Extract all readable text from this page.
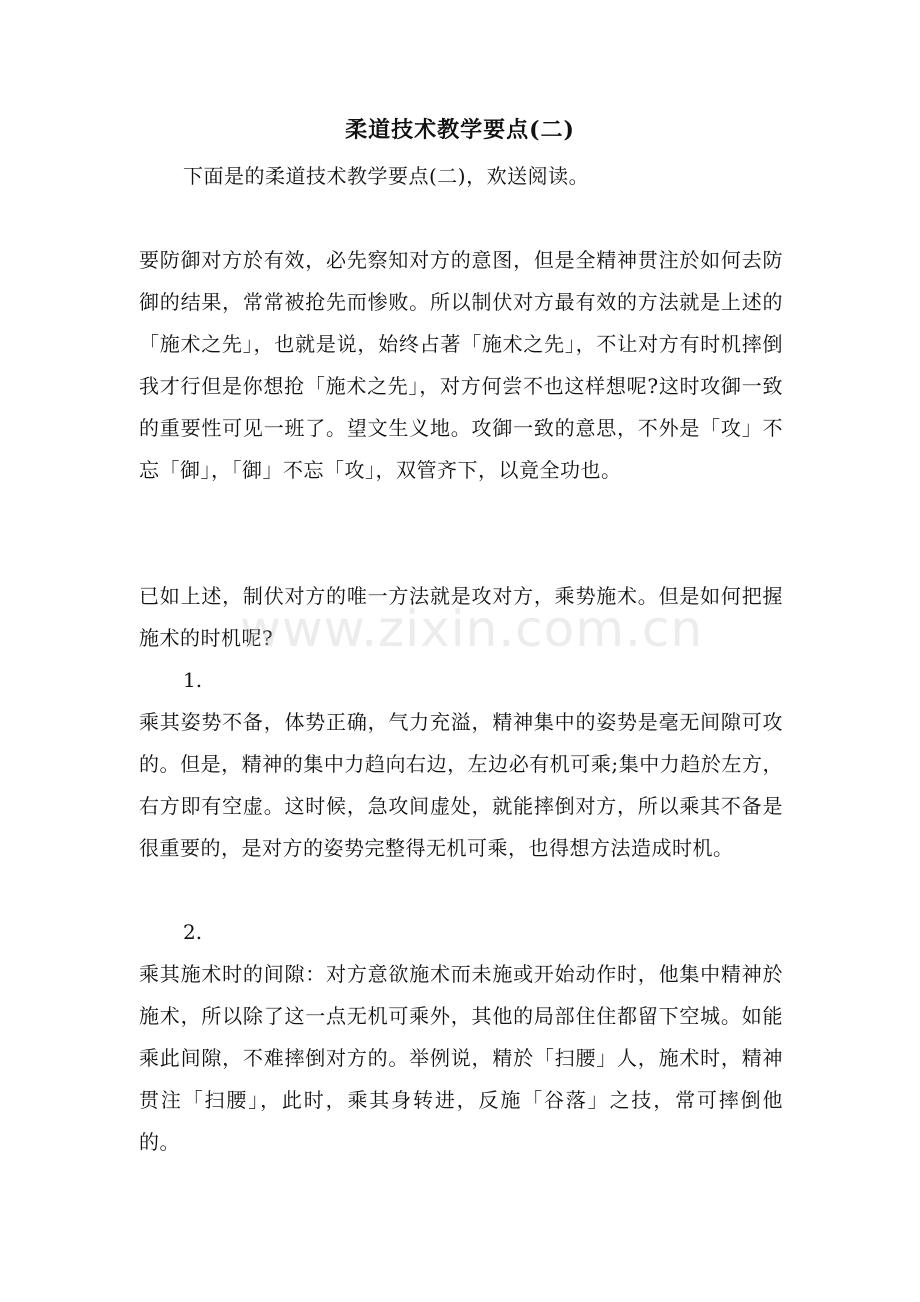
柔道技术教学要点(二)

下面是的柔道技术教学要点(二)，欢送阅读。

要防御对方於有效，必先察知对方的意图，但是全精神贯注於如何去防御的结果，常常被抢先而惨败。所以制伏对方最有效的方法就是上述的「施术之先」，也就是说，始终占著「施术之先」，不让对方有时机摔倒我才行但是你想抢「施术之先」，对方何尝不也这样想呢?这时攻御一致的重要性可见一班了。望文生义地。攻御一致的意思，不外是「攻」不忘「御」，「御」不忘「攻」，双管齐下，以竟全功也。

已如上述，制伏对方的唯一方法就是攻对方，乘势施术。但是如何把握施术的时机呢?

1.

乘其姿势不备，体势正确，气力充溢，精神集中的姿势是毫无间隙可攻的。但是，精神的集中力趋向右边，左边必有机可乘;集中力趋於左方，右方即有空虚。这时候，急攻间虚处，就能摔倒对方，所以乘其不备是很重要的，是对方的姿势完整得无机可乘，也得想方法造成时机。

2.

乘其施术时的间隙：对方意欲施术而未施或开始动作时，他集中精神於施术，所以除了这一点无机可乘外，其他的局部住住都留下空城。如能乘此间隙，不难摔倒对方的。举例说，精於「扫腰」人，施术时，精神贯注「扫腰」，此时，乘其身转进，反施「谷落」之技，常可摔倒他的。

www.zixin.com.cn
